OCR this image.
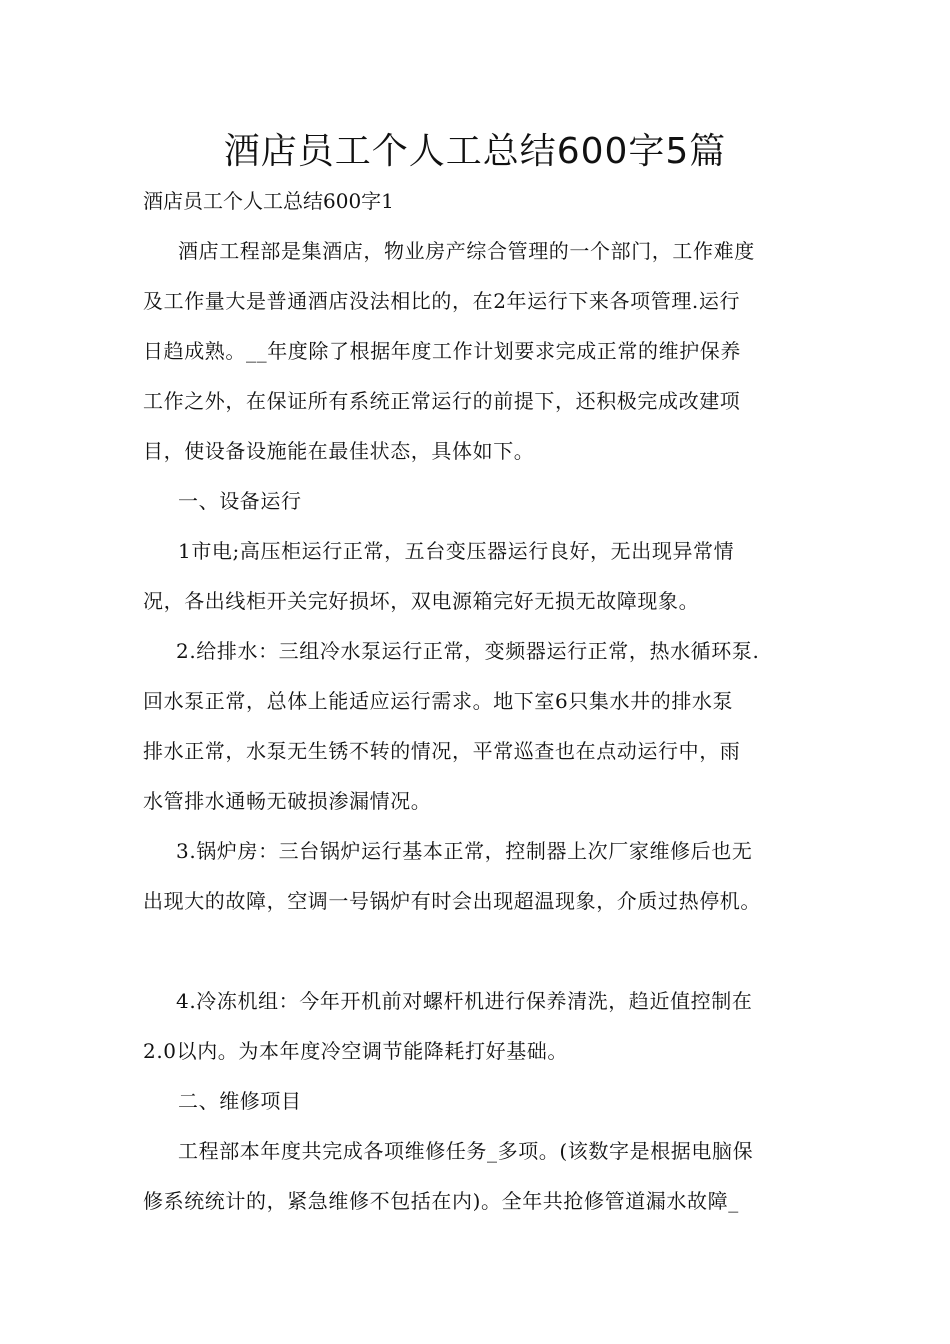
酒店员工个人工总结600字5篇
酒店员工个人工总结600字1
酒店工程部是集酒店，物业房产综合管理的一个部门，工作难度
及工作量大是普通酒店没法相比的，在2年运行下来各项管理.运行
日趋成熟。__年度除了根据年度工作计划要求完成正常的维护保养
工作之外，在保证所有系统正常运行的前提下，还积极完成改建项
目，使设备设施能在最佳状态，具体如下。
一、设备运行
1市电;高压柜运行正常，五台变压器运行良好，无出现异常情
况，各出线柜开关完好损坏，双电源箱完好无损无故障现象。
2.给排水：三组冷水泵运行正常，变频器运行正常，热水循环泵.
回水泵正常，总体上能适应运行需求。地下室6只集水井的排水泵
排水正常，水泵无生锈不转的情况，平常巡查也在点动运行中，雨
水管排水通畅无破损渗漏情况。
3.锅炉房：三台锅炉运行基本正常，控制器上次厂家维修后也无
出现大的故障，空调一号锅炉有时会出现超温现象，介质过热停机。
4.冷冻机组：今年开机前对螺杆机进行保养清洗，趋近值控制在
2.0以内。为本年度冷空调节能降耗打好基础。
二、维修项目
工程部本年度共完成各项维修任务_多项。(该数字是根据电脑保
修系统统计的，紧急维修不包括在内)。全年共抢修管道漏水故障_
